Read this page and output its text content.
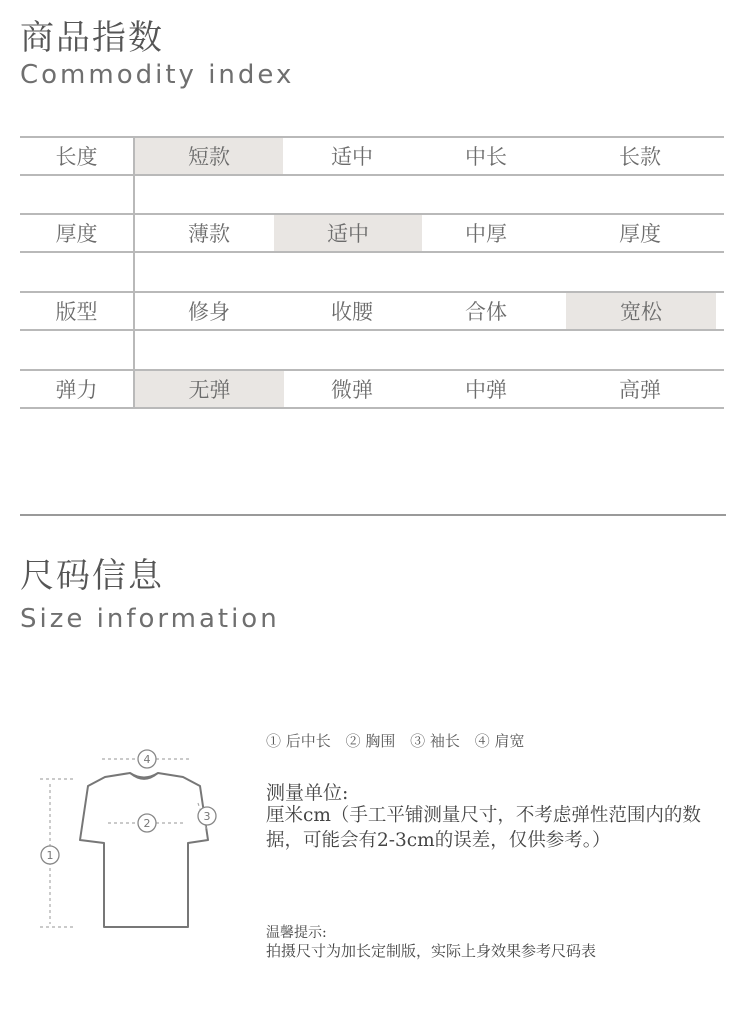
商品指数
Commodity index
长度	短款	适中	中长	长款
厚度	薄款	适中	中厚	厚度
版型	修身	收腰	合体	宽松
弹力	无弹	微弹	中弹	高弹
尺码信息
Size information
1
2
3
4
① 后中长 ② 胸围 ③ 袖长 ④ 肩宽
测量单位:
厘米cm（手工平铺测量尺寸，不考虑弹性范围内的数据，可能会有2-3cm的误差，仅供参考。）
温馨提示:
拍摄尺寸为加长定制版，实际上身效果参考尺码表
